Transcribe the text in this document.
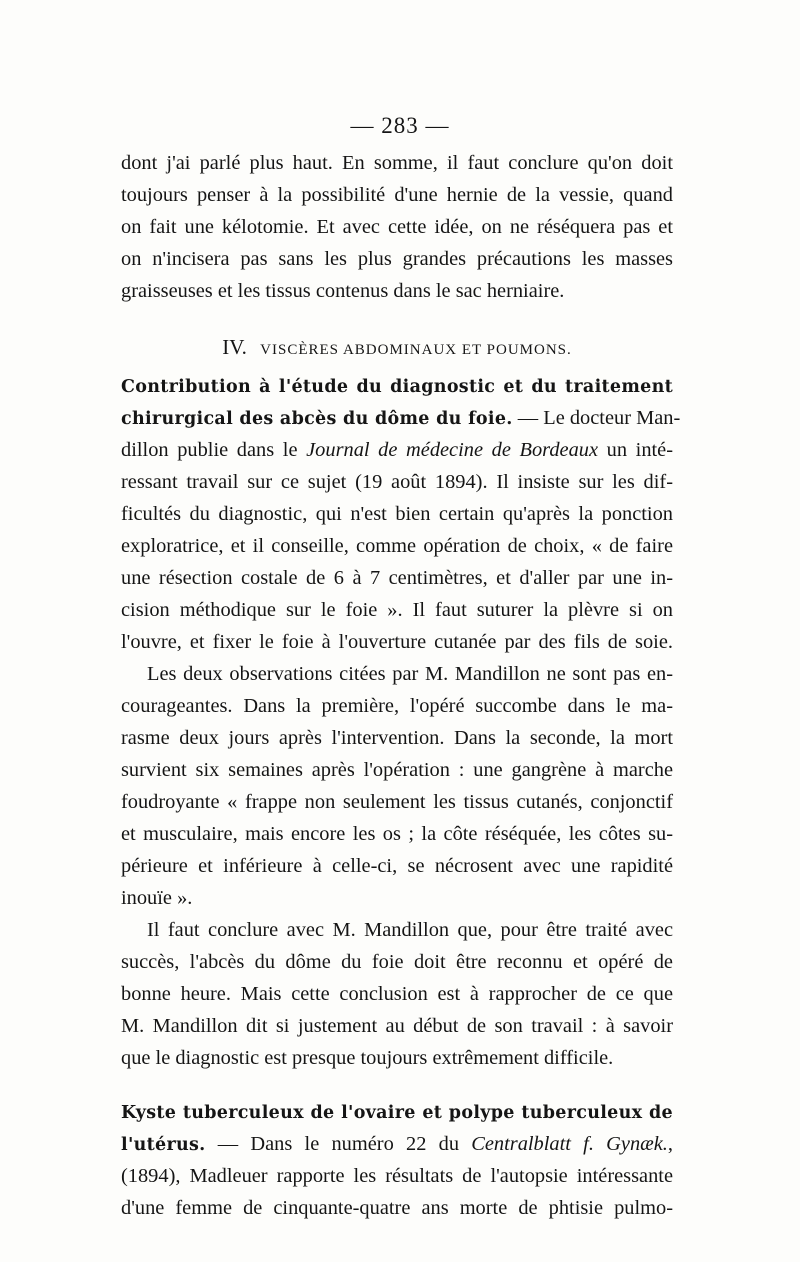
— 283 —
dont j'ai parlé plus haut. En somme, il faut conclure qu'on doit
toujours penser à la possibilité d'une hernie de la vessie, quand
on fait une kélotomie. Et avec cette idée, on ne réséquera pas et
on n'incisera pas sans les plus grandes précautions les masses
graisseuses et les tissus contenus dans le sac herniaire.
IV. VISCÈRES ABDOMINAUX ET POUMONS.
Contribution à l'étude du diagnostic et du traitement
chirurgical des abcès du dôme du foie. — Le docteur Man-
dillon publie dans le Journal de médecine de Bordeaux un inté-
ressant travail sur ce sujet (19 août 1894). Il insiste sur les dif-
ficultés du diagnostic, qui n'est bien certain qu'après la ponction
exploratrice, et il conseille, comme opération de choix, « de faire
une résection costale de 6 à 7 centimètres, et d'aller par une in-
cision méthodique sur le foie ». Il faut suturer la plèvre si on
l'ouvre, et fixer le foie à l'ouverture cutanée par des fils de soie.
Les deux observations citées par M. Mandillon ne sont pas en-
courageantes. Dans la première, l'opéré succombe dans le ma-
rasme deux jours après l'intervention. Dans la seconde, la mort
survient six semaines après l'opération : une gangrène à marche
foudroyante « frappe non seulement les tissus cutanés, conjonctif
et musculaire, mais encore les os ; la côte réséquée, les côtes su-
périeure et inférieure à celle-ci, se nécrosent avec une rapidité
inouïe ».
Il faut conclure avec M. Mandillon que, pour être traité avec
succès, l'abcès du dôme du foie doit être reconnu et opéré de
bonne heure. Mais cette conclusion est à rapprocher de ce que
M. Mandillon dit si justement au début de son travail : à savoir
que le diagnostic est presque toujours extrêmement difficile.
Kyste tuberculeux de l'ovaire et polype tuberculeux de
l'utérus. — Dans le numéro 22 du Centralblatt f. Gynæk.,
(1894), Madleuer rapporte les résultats de l'autopsie intéressante
d'une femme de cinquante-quatre ans morte de phtisie pulmo-
